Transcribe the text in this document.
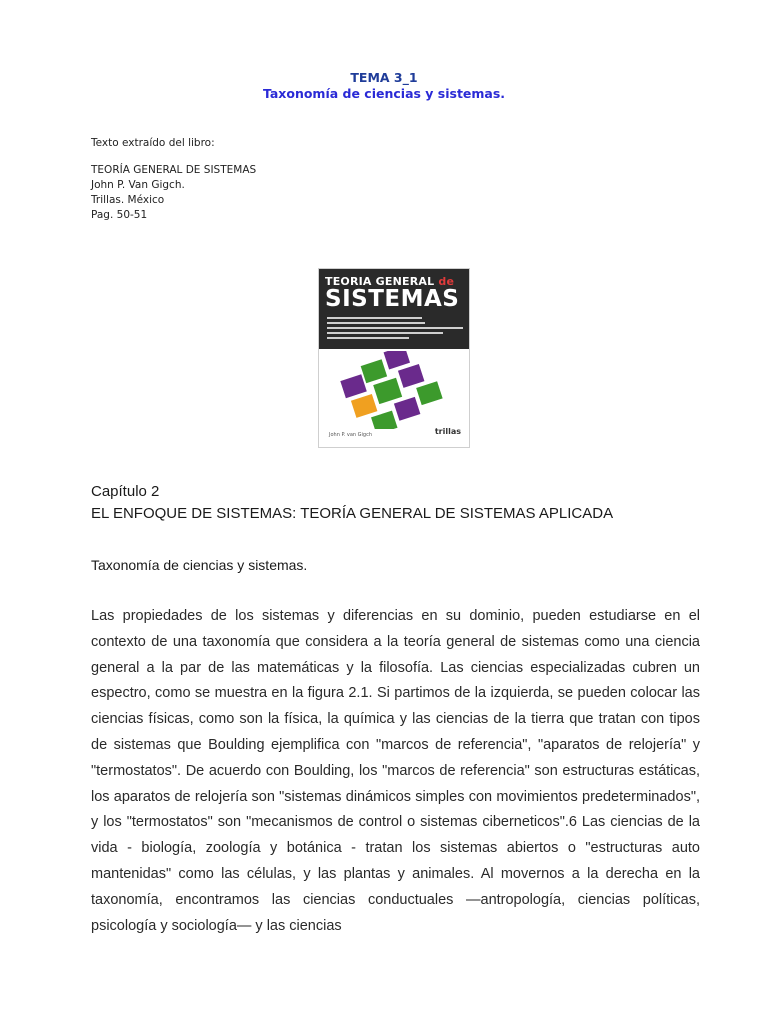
TEMA 3_1
Taxonomía de ciencias y sistemas.
Texto extraído del libro:
TEORÍA GENERAL DE SISTEMAS
John P. Van Gigch.
Trillas. México
Pag. 50-51
TEORIA GENERAL de
SISTEMAS
John P. van Gigch	trillas
Capítulo 2
EL ENFOQUE DE SISTEMAS: TEORÍA GENERAL DE SISTEMAS APLICADA
Taxonomía de ciencias y sistemas.

Las propiedades de los sistemas y diferencias en su dominio, pueden estudiarse en el contexto de una taxonomía que considera a la teoría general de sistemas como una ciencia general a la par de las matemáticas y la filosofía. Las ciencias especializadas cubren un espectro, como se muestra en la figura 2.1. Si partimos de la izquierda, se pueden colocar las ciencias físicas, como son la física, la química y las ciencias de la tierra que tratan con tipos de sistemas que Boulding ejemplifica con "marcos de referencia", "aparatos de relojería" y "termostatos". De acuerdo con Boulding, los "marcos de referencia" son estructuras estáticas, los aparatos de relojería son "sistemas dinámicos simples con movimientos predeterminados", y los "termostatos" son "mecanismos de control o sistemas ciberneticos".6 Las ciencias de la vida - biología, zoología y botánica - tratan los sistemas abiertos o "estructuras auto mantenidas" como las células, y las plantas y animales. Al movernos a la derecha en la taxonomía, encontramos las ciencias conductuales —antropología, ciencias políticas, psicología y sociología— y las ciencias
